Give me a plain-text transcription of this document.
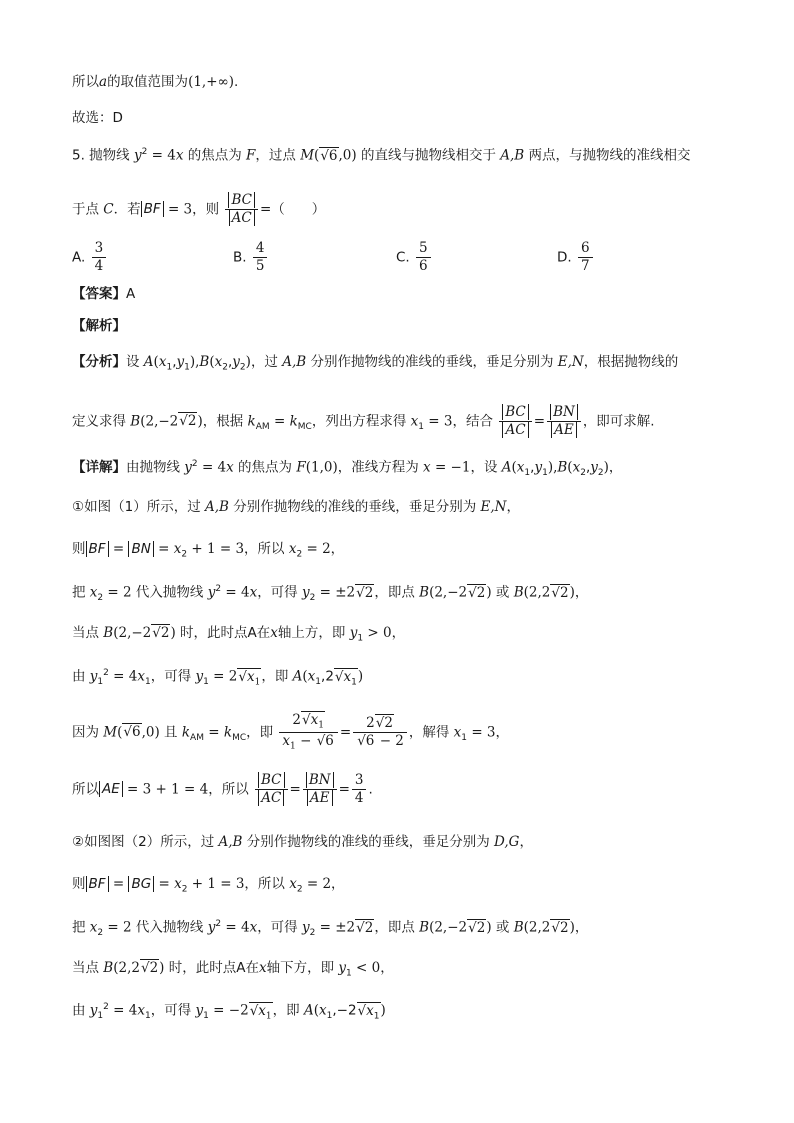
所以a的取值范围为(1,+∞).
故选：D
5. 抛物线 $y^2 = 4x$ 的焦点为 F，过点 M(√6,0) 的直线与抛物线相交于 A,B 两点，与抛物线的准线相交
于点 C．若 BF = 3，则 $\frac{BC}{AC}$ =（　　）
A. $\frac{3}{4}$	B. $\frac{4}{5}$	C. $\frac{5}{6}$	D. $\frac{6}{7}$
【答案】A
【解析】
【分析】设 $A(x_1,y_1),B(x_2,y_2)$，过 A,B 分别作抛物线的准线的垂线，垂足分别为 E,N，根据抛物线的
定义求得 B(2,−2√2)，根据 $k_{AM} = k_{MC}$，列出方程求得 $x_1 = 3$，结合 $\frac{BC}{AC} = \frac{BN}{AE}$ ，即可求解.
【详解】由抛物线 $y^2 = 4x$ 的焦点为 F(1,0)，准线方程为 x = −1，设 $A(x_1,y_1),B(x_2,y_2)$，
①如图（1）所示，过 A,B 分别作抛物线的准线的垂线，垂足分别为 E,N，
则 BF = BN = $x_2 + 1 = 3$，所以 $x_2 = 2$，
把 $x_2 = 2$ 代入抛物线 $y^2 = 4x$，可得 $y_2 = \pm 2√2$，即点 B(2,−2√2) 或 B(2,2√2)，
当点 B(2,−2√2) 时，此时点A在x轴上方，即 $y_1 > 0$，
由 $y_1^2 = 4x_1$，可得 $y_1 = 2√x_1$，即 $A(x_1,2√x_1)$
因为 M(√6,0) 且 $k_{AM} = k_{MC}$，即 $\frac{2√x_1}{x_1 - √6} = \frac{2√2}{√6 - 2}$ ，解得 $x_1 = 3$，
所以 AE = 3 + 1 = 4，所以 $\frac{BC}{AC} = \frac{BN}{AE} = \frac{3}{4}$ .
②如图图（2）所示，过 A,B 分别作抛物线的准线的垂线，垂足分别为 D,G，
则 BF = BG = $x_2 + 1 = 3$，所以 $x_2 = 2$，
把 $x_2 = 2$ 代入抛物线 $y^2 = 4x$，可得 $y_2 = \pm 2√2$，即点 B(2,−2√2) 或 B(2,2√2)，
当点 B(2,2√2) 时，此时点A在x轴下方，即 $y_1 < 0$，
由 $y_1^2 = 4x_1$，可得 $y_1 = -2√x_1$，即 $A(x_1,-2√x_1)$
